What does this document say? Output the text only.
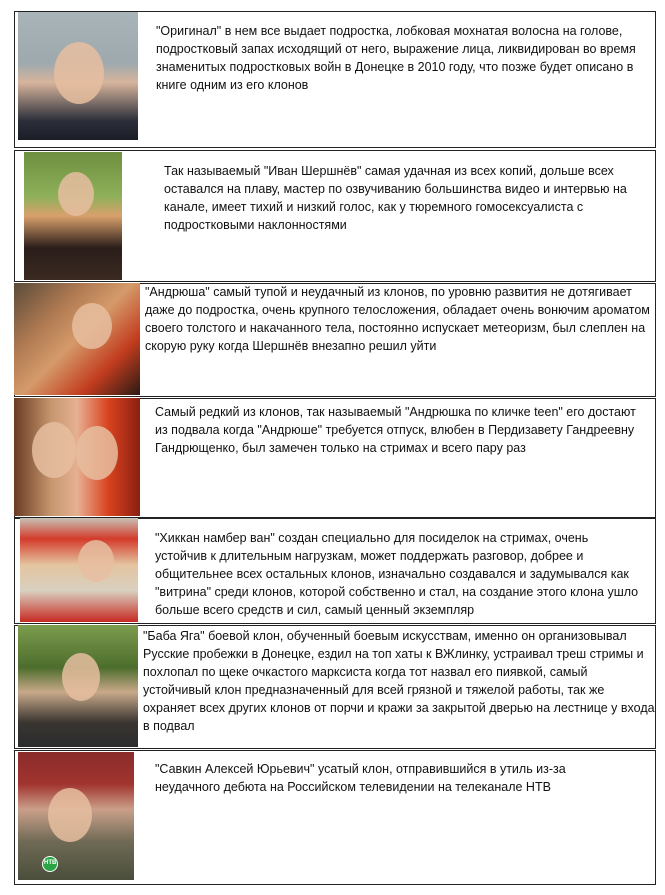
"Оригинал" в нем все выдает подростка, лобковая мохнатая волосна на голове, подростковый запах исходящий от него, выражение лица, ликвидирован во время знаменитых подростковых войн в Донецке в 2010 году, что позже будет описано в книге одним из его клонов
Так называемый "Иван Шершнёв" самая удачная из всех копий, дольше всех оставался на плаву, мастер по озвучиванию большинства видео и интервью на канале, имеет тихий и низкий голос, как у тюремного гомосексуалиста с подростковыми наклонностями
"Андрюша" самый тупой и неудачный из клонов, по уровню развития не дотягивает даже до подростка, очень крупного телосложения, обладает очень вонючим ароматом своего толстого и накачанного тела, постоянно испускает метеоризм, был слеплен на скорую руку когда Шершнёв внезапно решил уйти
Самый редкий из клонов, так называемый "Андрюшка по кличке teen" его достают из подвала когда "Андрюше" требуется отпуск, влюбен в Пердизавету Гандреевну Гандрющенко, был замечен только на стримах и всего пару раз
"Хиккан намбер ван" создан специально для посиделок на стримах, очень устойчив к длительным нагрузкам, может поддержать разговор, добрее и общительнее всех остальных клонов, изначально создавался и задумывался как "витрина" среди клонов, которой собственно и стал, на создание этого клона ушло больше всего средств и сил, самый ценный экземпляр
"Баба Яга" боевой клон, обученный боевым искусствам, именно он организовывал Русские пробежки в Донецке, ездил на топ хаты к ВЖлинку, устраивал треш стримы и похлопал по щеке очкастого марксиста когда тот назвал его пиявкой, самый устойчивый клон предназначенный для всей грязной и тяжелой работы, так же охраняет всех других клонов от порчи и кражи за закрытой дверью на лестнице у входа в подвал
НТВ
"Савкин Алексей Юрьевич" усатый клон, отправившийся в утиль из-за неудачного дебюта на Российском телевидении на телеканале НТВ
